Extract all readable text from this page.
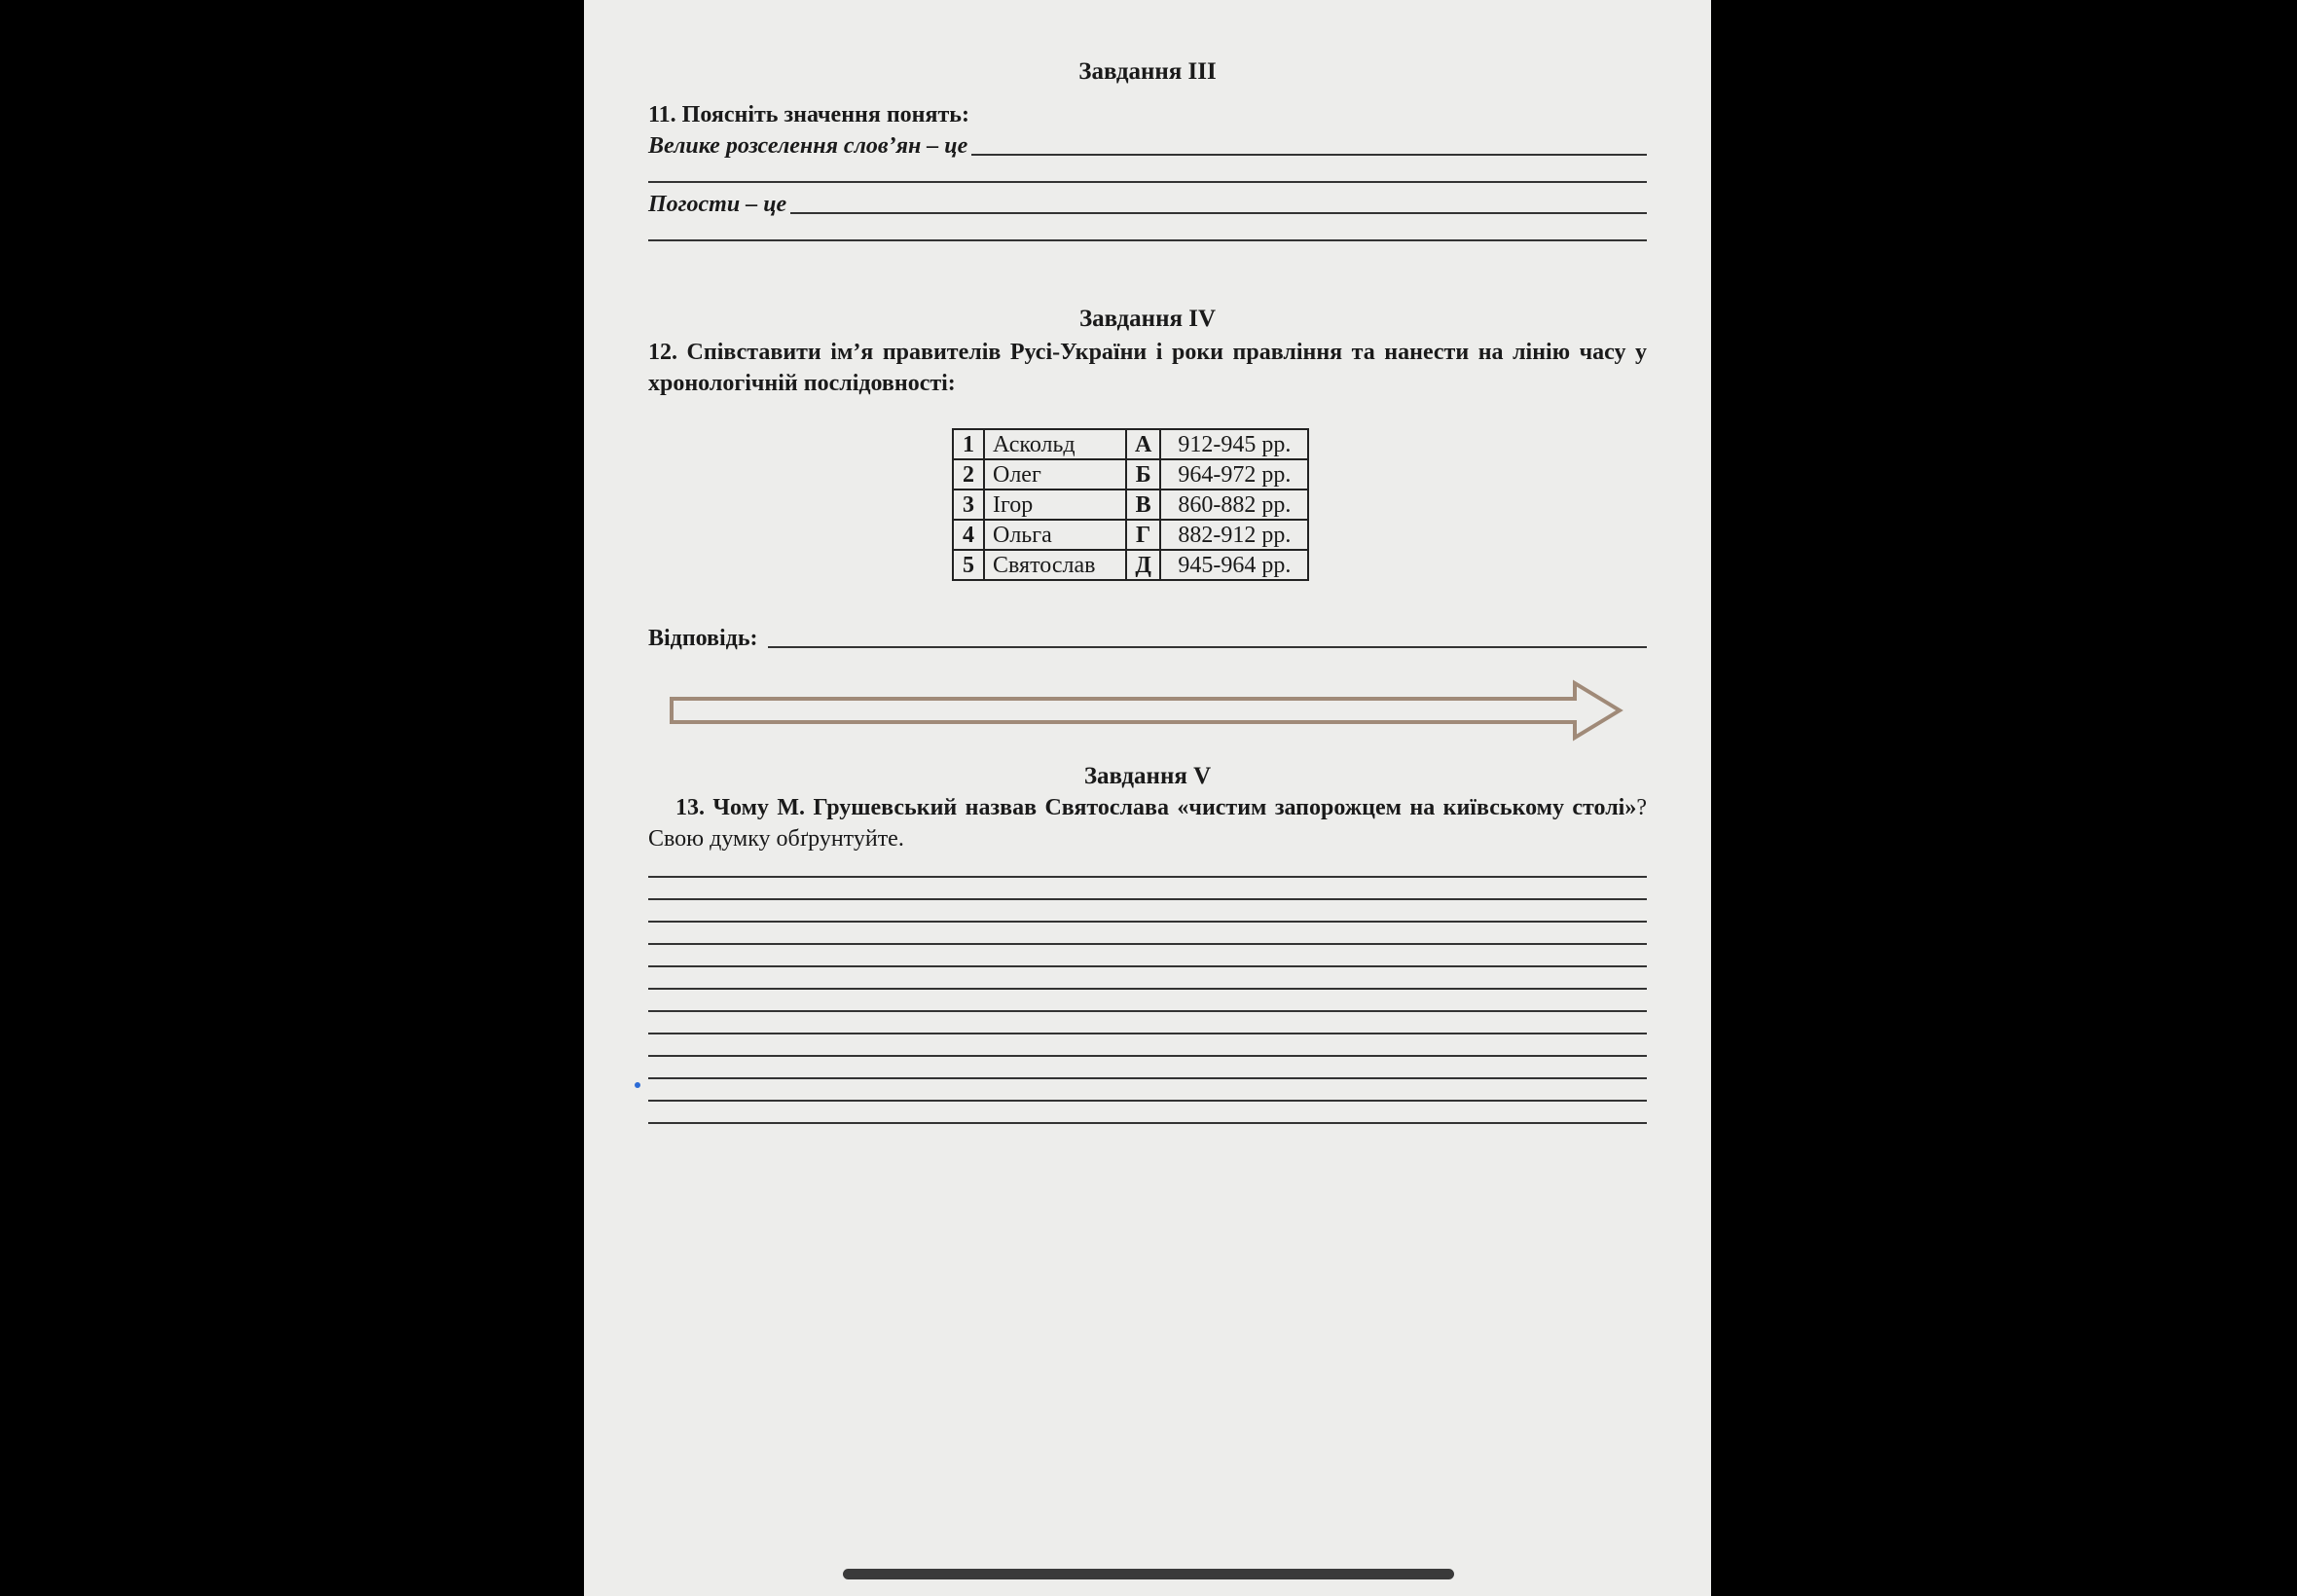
Завдання ІІІ
11. Поясніть значення понять:
Велике розселення слов’ян – це
Погости – це
Завдання IV
12. Співставити ім’я правителів Русі-України і роки правління та нанести на лінію часу у хронологічній послідовності:
1	Аскольд	А	912-945 рр.
2	Олег	Б	964-972 рр.
3	Ігор	В	860-882 рр.
4	Ольга	Г	882-912 рр.
5	Святослав	Д	945-964 рр.
Відповідь:
Завдання V
13. Чому М. Грушевський назвав Святослава «чистим запорожцем на київському столі»? Свою думку обґрунтуйте.
